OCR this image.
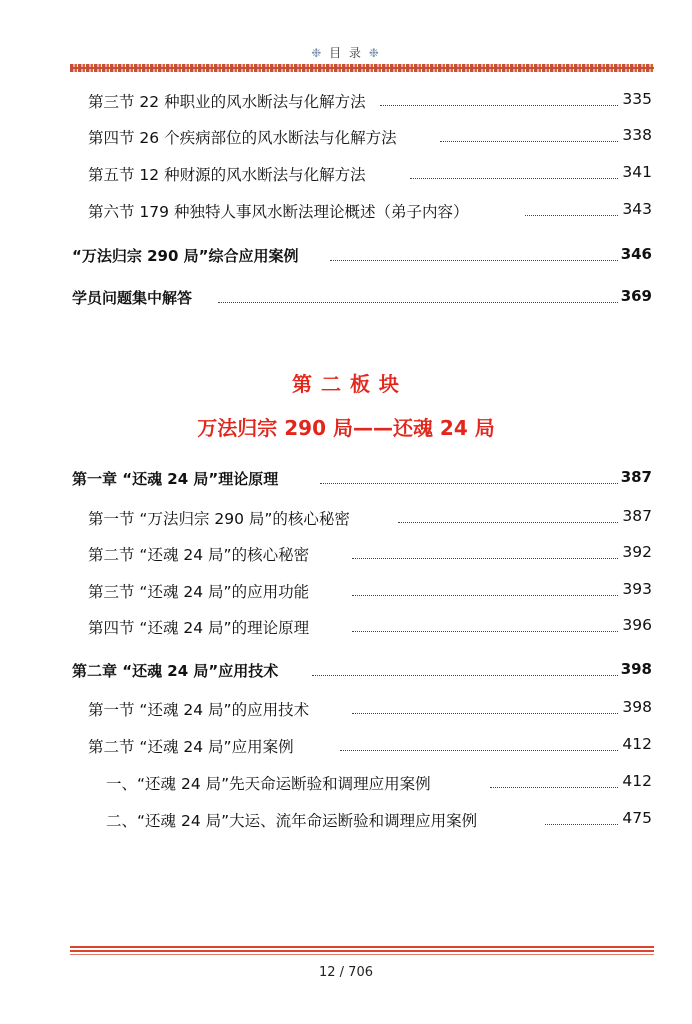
❉ 目 录 ❉
第三节 22 种职业的风水断法与化解方法	335
第四节 26 个疾病部位的风水断法与化解方法	338
第五节 12 种财源的风水断法与化解方法	341
第六节 179 种独特人事风水断法理论概述（弟子内容）	343
“万法归宗 290 局”综合应用案例	346
学员问题集中解答	369
第 二 板 块
万法归宗 290 局——还魂 24 局
第一章 “还魂 24 局”理论原理	387
第一节 “万法归宗 290 局”的核心秘密	387
第二节 “还魂 24 局”的核心秘密	392
第三节 “还魂 24 局”的应用功能	393
第四节 “还魂 24 局”的理论原理	396
第二章 “还魂 24 局”应用技术	398
第一节 “还魂 24 局”的应用技术	398
第二节 “还魂 24 局”应用案例	412
一、“还魂 24 局”先天命运断验和调理应用案例	412
二、“还魂 24 局”大运、流年命运断验和调理应用案例	475
12 / 706
